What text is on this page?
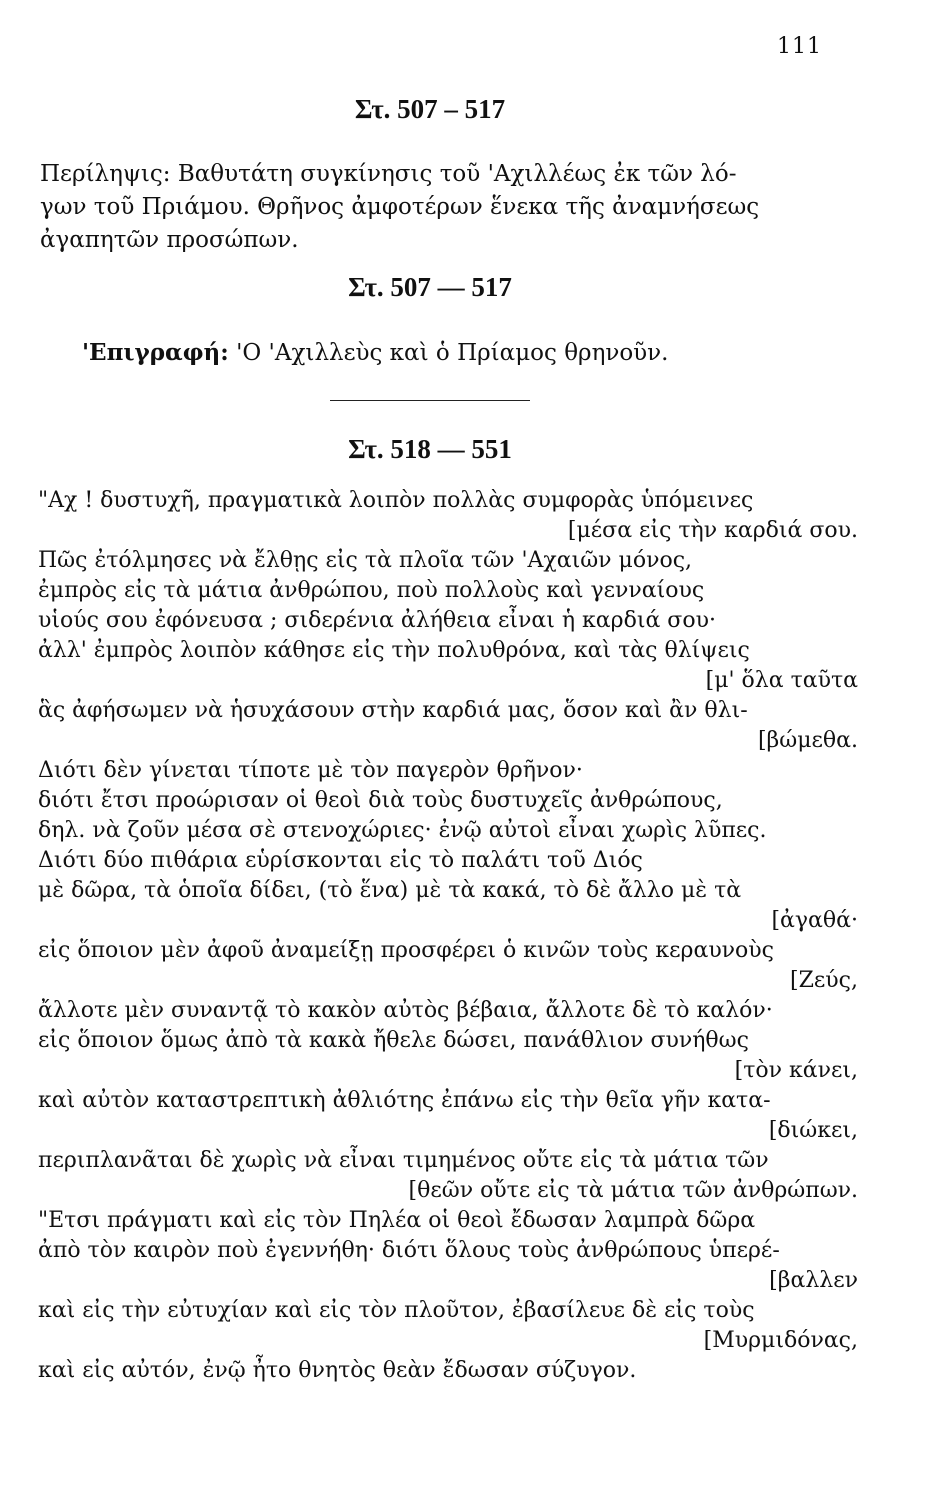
111
Στ. 507 – 517
Περίληψις: Βαθυτάτη συγκίνησις τοῦ 'Αχιλλέως ἐκ τῶν λό-
γων τοῦ Πριάμου. Θρῆνος ἀμφοτέρων ἕνεκα τῆς ἀναμνήσεως
ἀγαπητῶν προσώπων.
Στ. 507 — 517
'Επιγραφή: 'Ο 'Αχιλλεὺς καὶ ὁ Πρίαμος θρηνοῦν.
Στ. 518 — 551
"Αχ ! δυστυχῆ, πραγματικὰ λοιπὸν πολλὰς συμφορὰς ὑπόμεινες
[μέσα εἰς τὴν καρδιά σου.
Πῶς ἐτόλμησες νὰ ἔλθῃς εἰς τὰ πλοῖα τῶν 'Αχαιῶν μόνος,
ἐμπρὸς εἰς τὰ μάτια ἀνθρώπου, ποὺ πολλοὺς καὶ γενναίους
υἱούς σου ἐφόνευσα ; σιδερένια ἀλήθεια εἶναι ἡ καρδιά σου·
ἀλλ' ἐμπρὸς λοιπὸν κάθησε εἰς τὴν πολυθρόνα, καὶ τὰς θλίψεις
[μ' ὅλα ταῦτα
ἃς ἀφήσωμεν νὰ ἡσυχάσουν στὴν καρδιά μας, ὅσον καὶ ἂν θλι-
[βώμεθα.
Διότι δὲν γίνεται τίποτε μὲ τὸν παγερὸν θρῆνον·
διότι ἔτσι προώρισαν οἱ θεοὶ διὰ τοὺς δυστυχεῖς ἀνθρώπους,
δηλ. νὰ ζοῦν μέσα σὲ στενοχώριες· ἐνῷ αὐτοὶ εἶναι χωρὶς λῦπες.
Διότι δύο πιθάρια εὑρίσκονται εἰς τὸ παλάτι τοῦ Διός
μὲ δῶρα, τὰ ὁποῖα δίδει, (τὸ ἕνα) μὲ τὰ κακά, τὸ δὲ ἄλλο μὲ τὰ
[ἀγαθά·
εἰς ὅποιον μὲν ἀφοῦ ἀναμείξῃ προσφέρει ὁ κινῶν τοὺς κεραυνοὺς
[Ζεύς,
ἄλλοτε μὲν συναντᾷ τὸ κακὸν αὐτὸς βέβαια, ἄλλοτε δὲ τὸ καλόν·
εἰς ὅποιον ὅμως ἀπὸ τὰ κακὰ ἤθελε δώσει, πανάθλιον συνήθως
[τὸν κάνει,
καὶ αὐτὸν καταστρεπτικὴ ἀθλιότης ἐπάνω εἰς τὴν θεῖα γῆν κατα-
[διώκει,
περιπλανᾶται δὲ χωρὶς νὰ εἶναι τιμημένος οὔτε εἰς τὰ μάτια τῶν
[θεῶν οὔτε εἰς τὰ μάτια τῶν ἀνθρώπων.
"Ετσι πράγματι καὶ εἰς τὸν Πηλέα οἱ θεοὶ ἔδωσαν λαμπρὰ δῶρα
ἀπὸ τὸν καιρὸν ποὺ ἐγεννήθη· διότι ὅλους τοὺς ἀνθρώπους ὑπερέ-
[βαλλεν
καὶ εἰς τὴν εὐτυχίαν καὶ εἰς τὸν πλοῦτον, ἐβασίλευε δὲ εἰς τοὺς
[Μυρμιδόνας,
καὶ εἰς αὐτόν, ἐνῷ ἦτο θνητὸς θεὰν ἔδωσαν σύζυγον.
